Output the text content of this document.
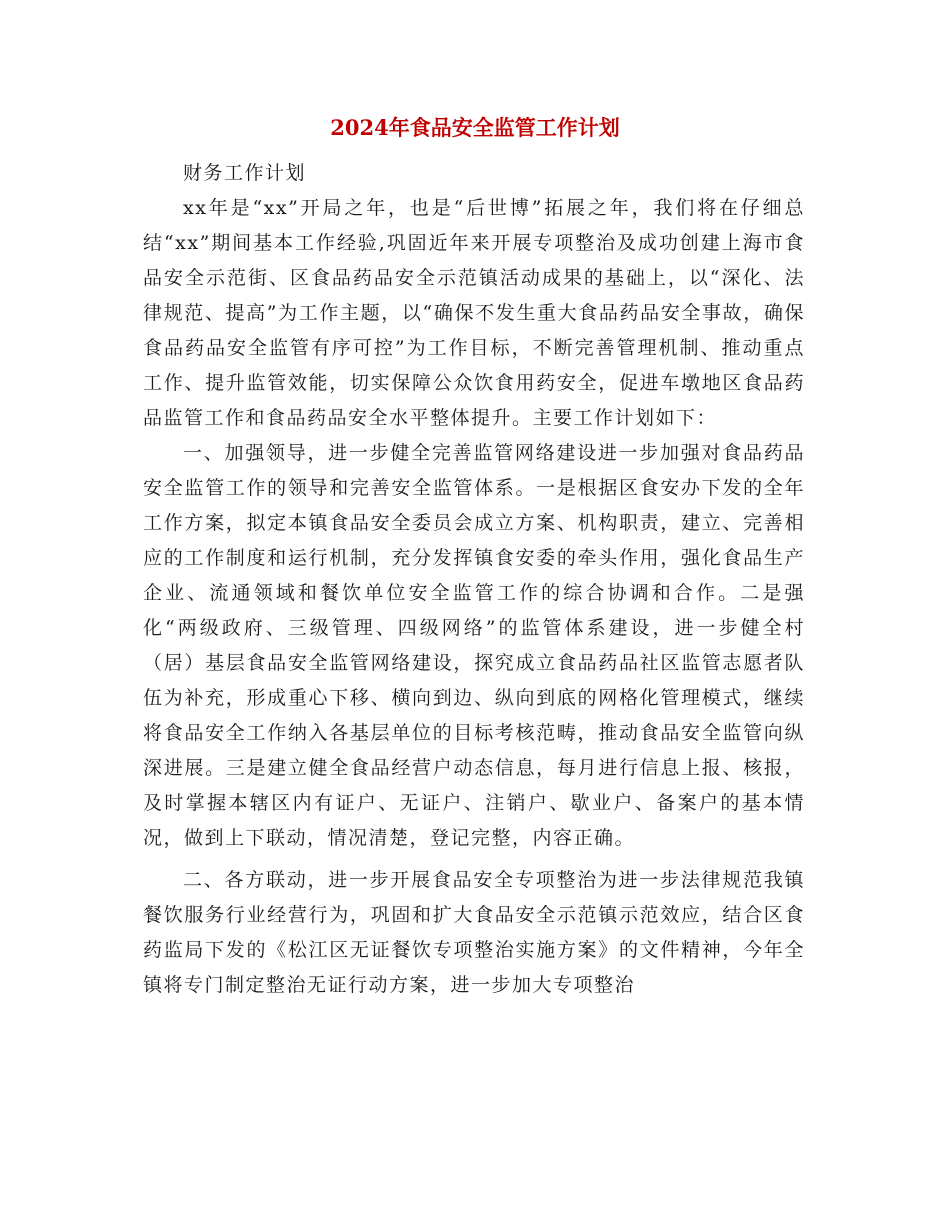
2024年食品安全监管工作计划

财务工作计划

xx年是“xx”开局之年，也是“后世博”拓展之年，我们将在仔细总结“xx”期间基本工作经验,巩固近年来开展专项整治及成功创建上海市食品安全示范街、区食品药品安全示范镇活动成果的基础上，以“深化、法律规范、提高”为工作主题，以“确保不发生重大食品药品安全事故，确保食品药品安全监管有序可控”为工作目标，不断完善管理机制、推动重点工作、提升监管效能，切实保障公众饮食用药安全，促进车墩地区食品药品监管工作和食品药品安全水平整体提升。主要工作计划如下：

一、加强领导，进一步健全完善监管网络建设进一步加强对食品药品安全监管工作的领导和完善安全监管体系。一是根据区食安办下发的全年工作方案，拟定本镇食品安全委员会成立方案、机构职责，建立、完善相应的工作制度和运行机制，充分发挥镇食安委的牵头作用，强化食品生产企业、流通领域和餐饮单位安全监管工作的综合协调和合作。二是强化“两级政府、三级管理、四级网络”的监管体系建设，进一步健全村（居）基层食品安全监管网络建设，探究成立食品药品社区监管志愿者队伍为补充，形成重心下移、横向到边、纵向到底的网格化管理模式，继续将食品安全工作纳入各基层单位的目标考核范畴，推动食品安全监管向纵深进展。三是建立健全食品经营户动态信息，每月进行信息上报、核报，及时掌握本辖区内有证户、无证户、注销户、歇业户、备案户的基本情况，做到上下联动，情况清楚，登记完整，内容正确。

二、各方联动，进一步开展食品安全专项整治为进一步法律规范我镇餐饮服务行业经营行为，巩固和扩大食品安全示范镇示范效应，结合区食药监局下发的《松江区无证餐饮专项整治实施方案》的文件精神，今年全镇将专门制定整治无证行动方案，进一步加大专项整治
